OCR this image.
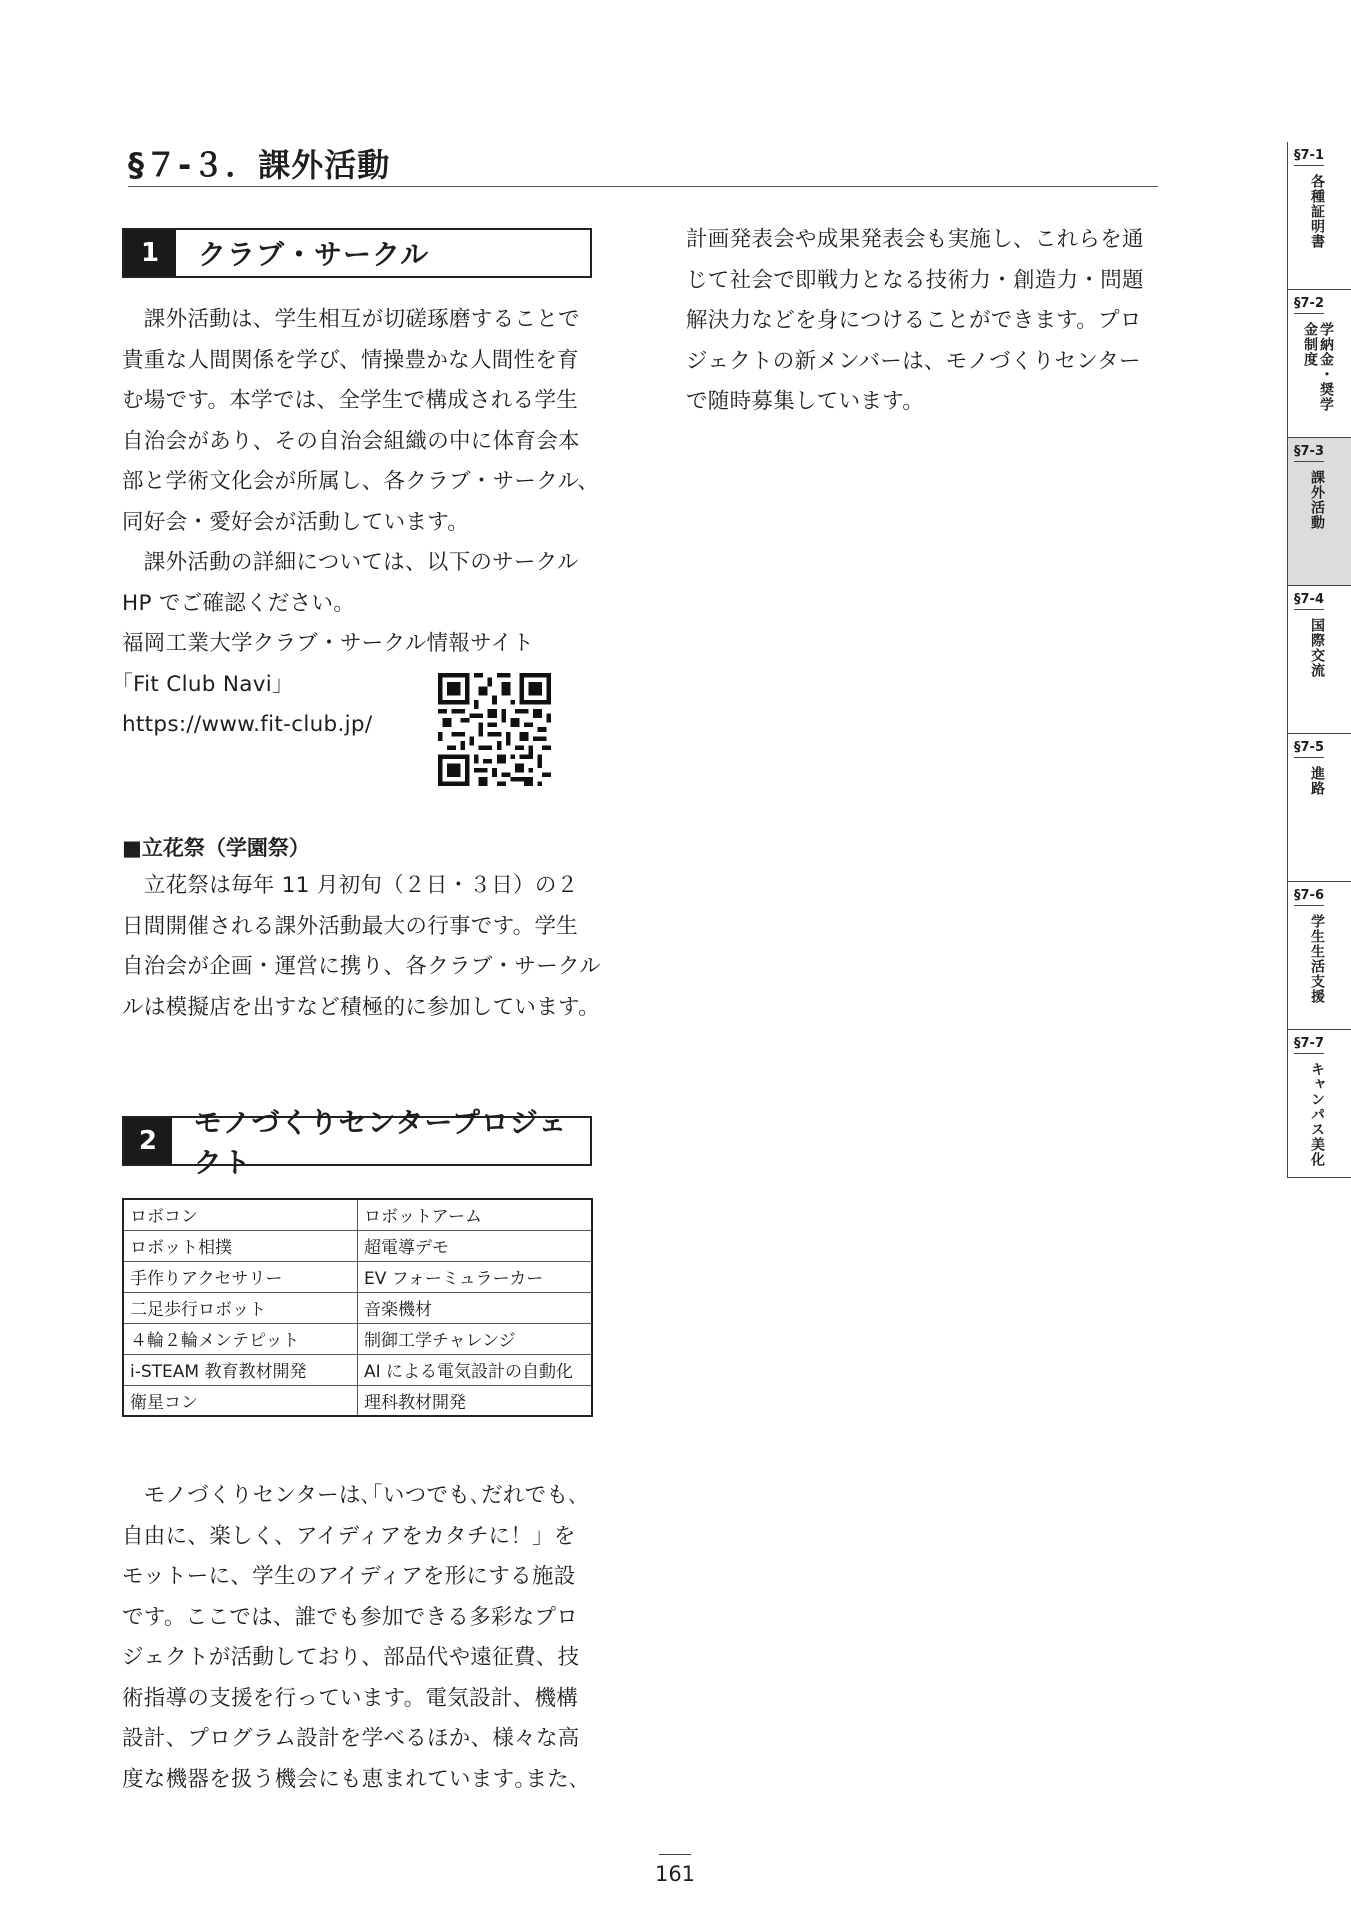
§７‑３．課外活動
1	クラブ・サークル
　課外活動は、学生相互が切磋琢磨することで
貴重な人間関係を学び、情操豊かな人間性を育
む場です。本学では、全学生で構成される学生
自治会があり、その自治会組織の中に体育会本
部と学術文化会が所属し、各クラブ・サークル、
同好会・愛好会が活動しています。
　課外活動の詳細については、以下のサークル
HP でご確認ください。
福岡工業大学クラブ・サークル情報サイト
｢Fit Club Navi｣
https://www.fit-club.jp/
■立花祭（学園祭）
　立花祭は毎年 11 月初旬（２日・３日）の２
日間開催される課外活動最大の行事です。学生
自治会が企画・運営に携り、各クラブ・サークル
ルは模擬店を出すなど積極的に参加しています。
2
モノづくりセンタープロジェクト
ロボコン	ロボットアーム
ロボット相撲	超電導デモ
手作りアクセサリー	EV フォーミュラーカー
二足歩行ロボット	音楽機材
４輪２輪メンテピット	制御工学チャレンジ
i-STEAM 教育教材開発	AI による電気設計の自動化
衛星コン	理科教材開発
　モノづくりセンターは､｢いつでも､だれでも､
自由に、楽しく、アイディアをカタチに！」を
モットーに、学生のアイディアを形にする施設
です。ここでは、誰でも参加できる多彩なプロ
ジェクトが活動しており、部品代や遠征費、技
術指導の支援を行っています。電気設計、機構
設計、プログラム設計を学べるほか、様々な高
度な機器を扱う機会にも恵まれています｡また､
計画発表会や成果発表会も実施し、これらを通
じて社会で即戦力となる技術力・創造力・問題
解決力などを身につけることができます。プロ
ジェクトの新メンバーは、モノづくりセンター
で随時募集しています。
§7-1
各種証明書
§7-2
学納金・奨学金制度
§7-3
課外活動
§7-4
国際交流
§7-5
進路
§7-6
学生生活支援
§7-7
キャンパス美化
161
